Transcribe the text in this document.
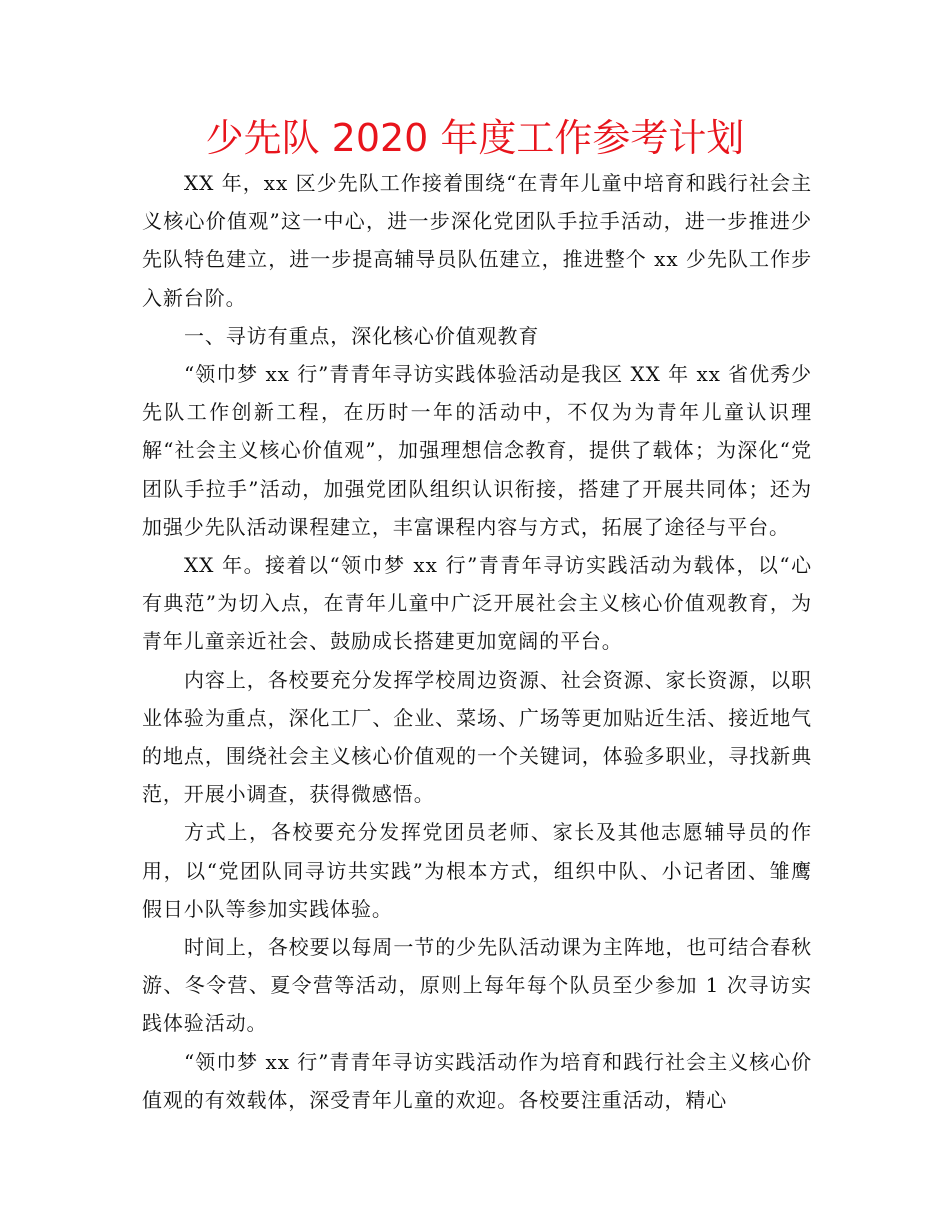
少先队 2020 年度工作参考计划

XX 年，xx 区少先队工作接着围绕“在青年儿童中培育和践行社会主义核心价值观”这一中心，进一步深化党团队手拉手活动，进一步推进少先队特色建立，进一步提高辅导员队伍建立，推进整个 xx 少先队工作步入新台阶。

一、寻访有重点，深化核心价值观教育

“领巾梦 xx 行”青青年寻访实践体验活动是我区 XX 年 xx 省优秀少先队工作创新工程，在历时一年的活动中，不仅为为青年儿童认识理解“社会主义核心价值观”，加强理想信念教育，提供了载体；为深化“党团队手拉手”活动，加强党团队组织认识衔接，搭建了开展共同体；还为加强少先队活动课程建立，丰富课程内容与方式，拓展了途径与平台。

XX 年。接着以“领巾梦 xx 行”青青年寻访实践活动为载体，以“心有典范”为切入点，在青年儿童中广泛开展社会主义核心价值观教育，为青年儿童亲近社会、鼓励成长搭建更加宽阔的平台。

内容上，各校要充分发挥学校周边资源、社会资源、家长资源，以职业体验为重点，深化工厂、企业、菜场、广场等更加贴近生活、接近地气的地点，围绕社会主义核心价值观的一个关键词，体验多职业，寻找新典范，开展小调查，获得微感悟。

方式上，各校要充分发挥党团员老师、家长及其他志愿辅导员的作用，以“党团队同寻访共实践”为根本方式，组织中队、小记者团、雏鹰假日小队等参加实践体验。

时间上，各校要以每周一节的少先队活动课为主阵地，也可结合春秋游、冬令营、夏令营等活动，原则上每年每个队员至少参加 1 次寻访实践体验活动。

“领巾梦 xx 行”青青年寻访实践活动作为培育和践行社会主义核心价值观的有效载体，深受青年儿童的欢迎。各校要注重活动，精心
